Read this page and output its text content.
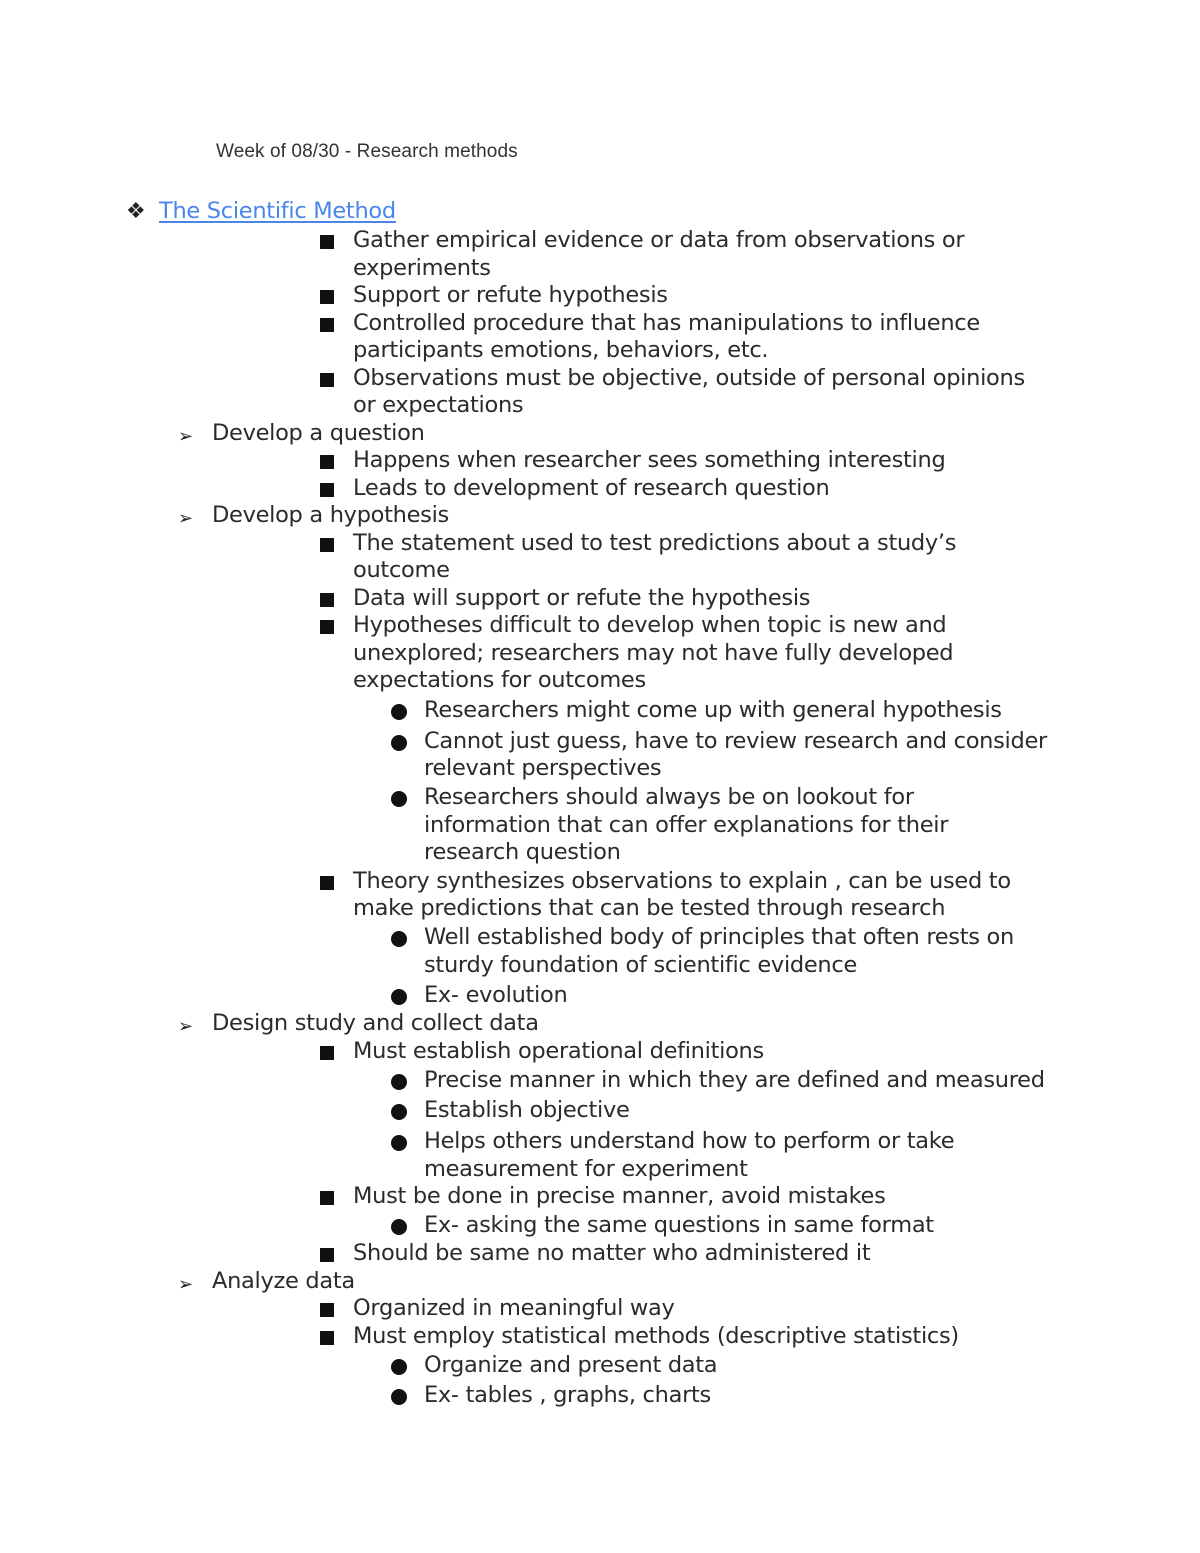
Week of 08/30 - Research methods
❖ The Scientific Method
Gather empirical evidence or data from observations or
experiments
Support or refute hypothesis
Controlled procedure that has manipulations to influence
participants emotions, behaviors, etc.
Observations must be objective, outside of personal opinions
or expectations
➢ Develop a question
Happens when researcher sees something interesting
Leads to development of research question
➢ Develop a hypothesis
The statement used to test predictions about a study’s
outcome
Data will support or refute the hypothesis
Hypotheses difficult to develop when topic is new and
unexplored; researchers may not have fully developed
expectations for outcomes
Researchers might come up with general hypothesis
Cannot just guess, have to review research and consider
relevant perspectives
Researchers should always be on lookout for
information that can offer explanations for their
research question
Theory synthesizes observations to explain , can be used to
make predictions that can be tested through research
Well established body of principles that often rests on
sturdy foundation of scientific evidence
Ex- evolution
➢ Design study and collect data
Must establish operational definitions
Precise manner in which they are defined and measured
Establish objective
Helps others understand how to perform or take
measurement for experiment
Must be done in precise manner, avoid mistakes
Ex- asking the same questions in same format
Should be same no matter who administered it
➢ Analyze data
Organized in meaningful way
Must employ statistical methods (descriptive statistics)
Organize and present data
Ex- tables , graphs, charts
